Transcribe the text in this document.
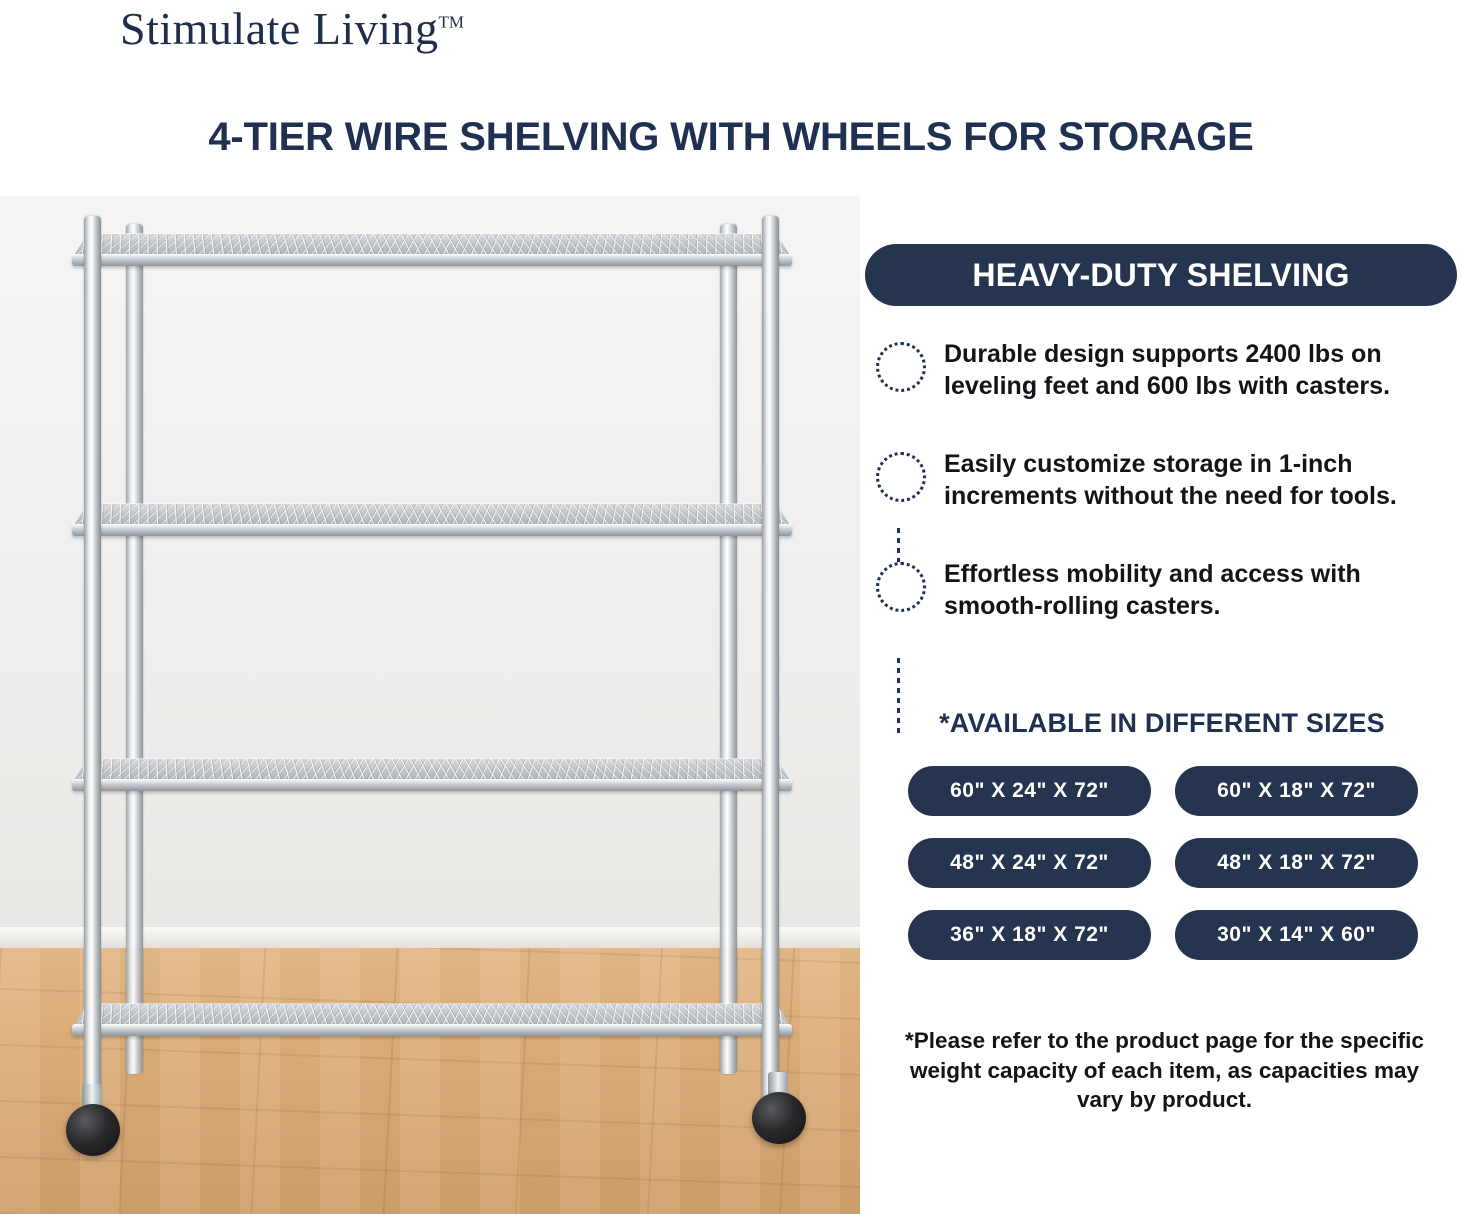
Stimulate Living™
4-TIER WIRE SHELVING WITH WHEELS FOR STORAGE
HEAVY-DUTY SHELVING
Durable design supports 2400 lbs on leveling feet and 600 lbs with casters.
Easily customize storage in 1-inch increments without the need for tools.
Effortless mobility and access with smooth-rolling casters.
*AVAILABLE IN DIFFERENT SIZES
60" X 24" X 72"	60" X 18" X 72"
48" X 24" X 72"	48" X 18" X 72"
36" X 18" X 72"	30" X 14" X 60"
*Please refer to the product page for the specific weight capacity of each item, as capacities may vary by product.
